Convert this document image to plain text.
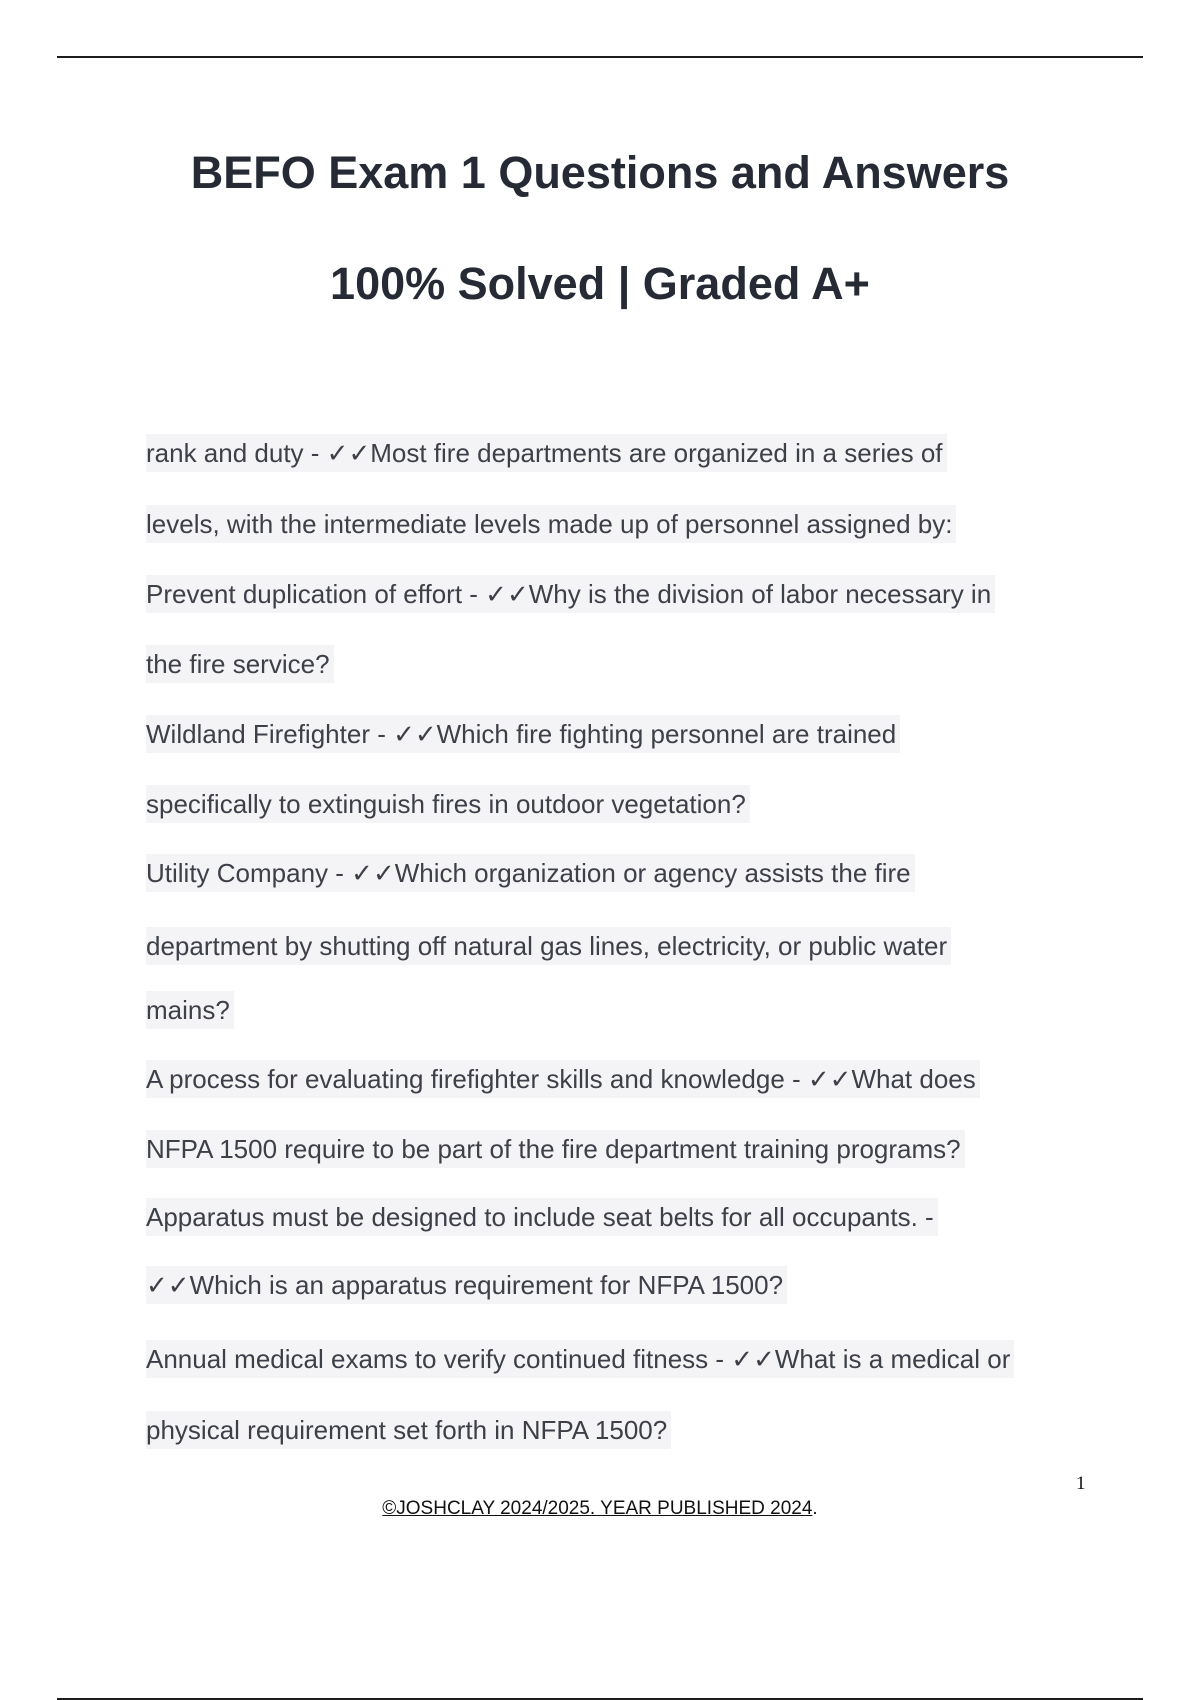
BEFO Exam 1 Questions and Answers
100% Solved | Graded A+
rank and duty - ✓✓Most fire departments are organized in a series of
levels, with the intermediate levels made up of personnel assigned by:
Prevent duplication of effort - ✓✓Why is the division of labor necessary in
the fire service?
Wildland Firefighter - ✓✓Which fire fighting personnel are trained
specifically to extinguish fires in outdoor vegetation?
Utility Company - ✓✓Which organization or agency assists the fire
department by shutting off natural gas lines, electricity, or public water
mains?
A process for evaluating firefighter skills and knowledge - ✓✓What does
NFPA 1500 require to be part of the fire department training programs?
Apparatus must be designed to include seat belts for all occupants. -
✓✓Which is an apparatus requirement for NFPA 1500?
Annual medical exams to verify continued fitness - ✓✓What is a medical or
physical requirement set forth in NFPA 1500?
1
©JOSHCLAY 2024/2025. YEAR PUBLISHED 2024.
